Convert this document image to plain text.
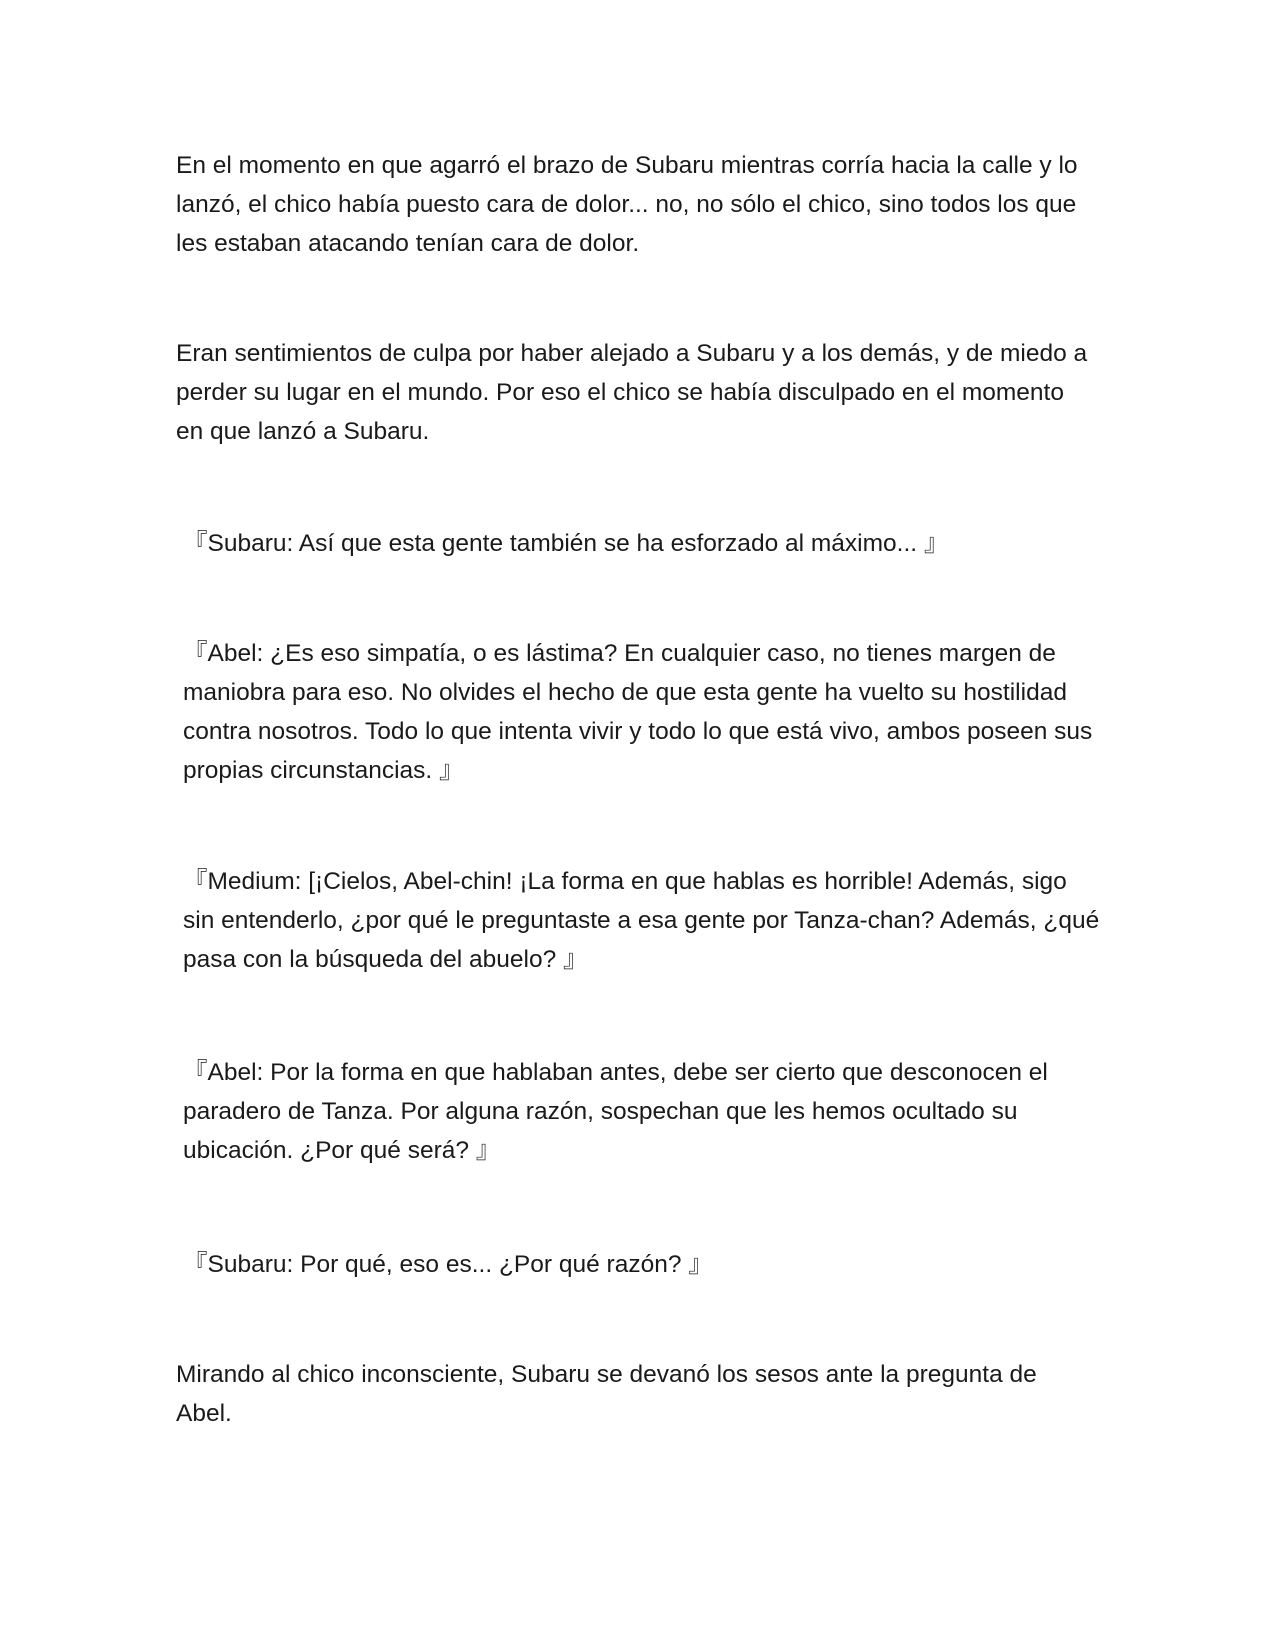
En el momento en que agarró el brazo de Subaru mientras corría hacia la calle y lo lanzó, el chico había puesto cara de dolor... no, no sólo el chico, sino todos los que les estaban atacando tenían cara de dolor.

Eran sentimientos de culpa por haber alejado a Subaru y a los demás, y de miedo a perder su lugar en el mundo. Por eso el chico se había disculpado en el momento en que lanzó a Subaru.

『Subaru: Así que esta gente también se ha esforzado al máximo... 』

『Abel: ¿Es eso simpatía, o es lástima? En cualquier caso, no tienes margen de maniobra para eso. No olvides el hecho de que esta gente ha vuelto su hostilidad contra nosotros. Todo lo que intenta vivir y todo lo que está vivo, ambos poseen sus propias circunstancias. 』

『Medium: [¡Cielos, Abel-chin! ¡La forma en que hablas es horrible! Además, sigo sin entenderlo, ¿por qué le preguntaste a esa gente por Tanza-chan? Además, ¿qué pasa con la búsqueda del abuelo? 』

『Abel: Por la forma en que hablaban antes, debe ser cierto que desconocen el paradero de Tanza. Por alguna razón, sospechan que les hemos ocultado su ubicación. ¿Por qué será? 』

『Subaru: Por qué, eso es... ¿Por qué razón? 』

Mirando al chico inconsciente, Subaru se devanó los sesos ante la pregunta de Abel.
